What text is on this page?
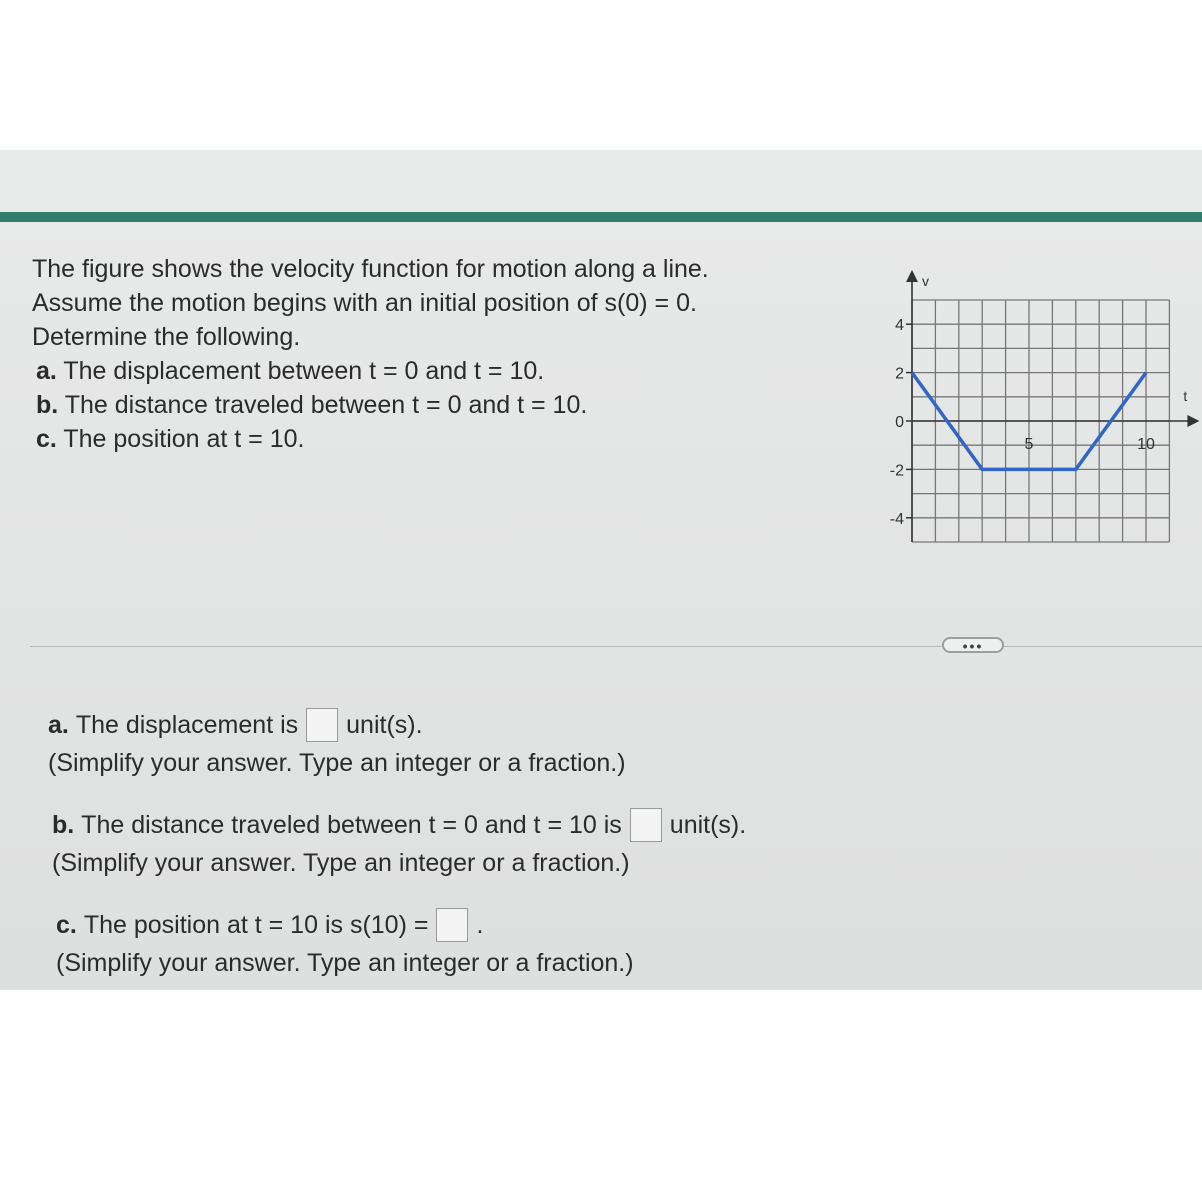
The figure shows the velocity function for motion along a line.
Assume the motion begins with an initial position of s(0) = 0.
Determine the following.
a. The displacement between t = 0 and t = 10.
b. The distance traveled between t = 0 and t = 10.
c. The position at t = 10.
v
t
4
2
0
-2
-4
5	10
•••
a.
The displacement is unit(s).
(Simplify your answer. Type an integer or a fraction.)
b.
The distance traveled between t = 0 and t = 10 is unit(s).
(Simplify your answer. Type an integer or a fraction.)
c.
The position at t = 10 is s(10) = .
(Simplify your answer. Type an integer or a fraction.)
